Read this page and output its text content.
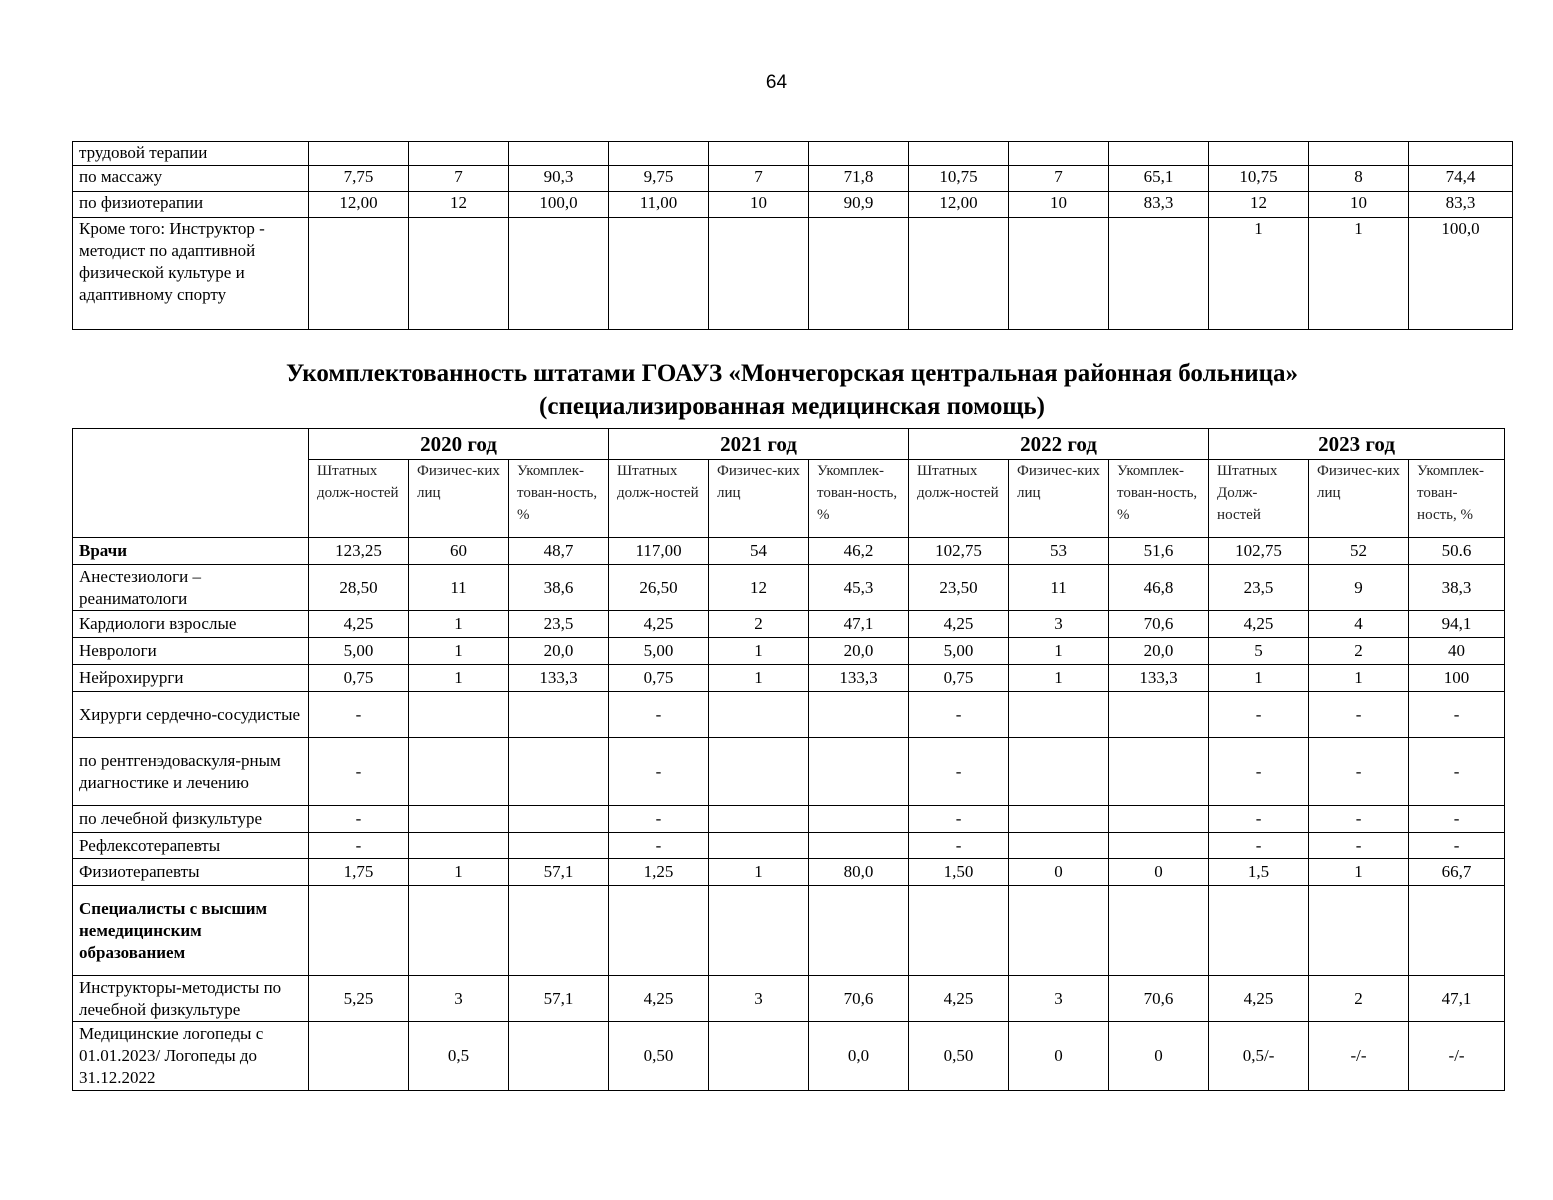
64
трудовой терапии												
по массажу	7,75	7	90,3	9,75	7	71,8	10,75	7	65,1	10,75	8	74,4
по физиотерапии	12,00	12	100,0	11,00	10	90,9	12,00	10	83,3	12	10	83,3
Кроме того: Инструктор - методист по адаптивной физической культуре и адаптивному спорту										1	1	100,0
Укомплектованность штатами ГОАУЗ «Мончегорская центральная районная больница»
(специализированная медицинская помощь)
	2020 год			2021 год			2022 год			2023 год		
	Штатных долж-ностей	Физичес-ких лиц	Укомплек-тован-ность, %	Штатных долж-ностей	Физичес-ких лиц	Укомплек-тован-ность, %	Штатных долж-ностей	Физичес-ких лиц	Укомплек-тован-ность, %	Штатных Долж-ностей	Физичес-ких лиц	Укомплек-тован-ность, %
Врачи	123,25	60	48,7	117,00	54	46,2	102,75	53	51,6	102,75	52	50.6
Анестезиологи – реаниматологи	28,50	11	38,6	26,50	12	45,3	23,50	11	46,8	23,5	9	38,3
Кардиологи взрослые	4,25	1	23,5	4,25	2	47,1	4,25	3	70,6	4,25	4	94,1
Неврологи	5,00	1	20,0	5,00	1	20,0	5,00	1	20,0	5	2	40
Нейрохирурги	0,75	1	133,3	0,75	1	133,3	0,75	1	133,3	1	1	100
Хирурги сердечно-сосудистые	-			-			-			-	-	-
по рентгенэдоваскуля-рным диагностике и лечению	-			-			-			-	-	-
по лечебной физкультуре	-			-			-			-	-	-
Рефлексотерапевты	-			-			-			-	-	-
Физиотерапевты	1,75	1	57,1	1,25	1	80,0	1,50	0	0	1,5	1	66,7
Специалисты с высшим немедицинским образованием												
Инструкторы-методисты по лечебной физкультуре	5,25	3	57,1	4,25	3	70,6	4,25	3	70,6	4,25	2	47,1
Медицинские логопеды с 01.01.2023/ Логопеды до 31.12.2022		0,5		0,50		0,0	0,50	0	0	0,5/-	-/-	-/-
